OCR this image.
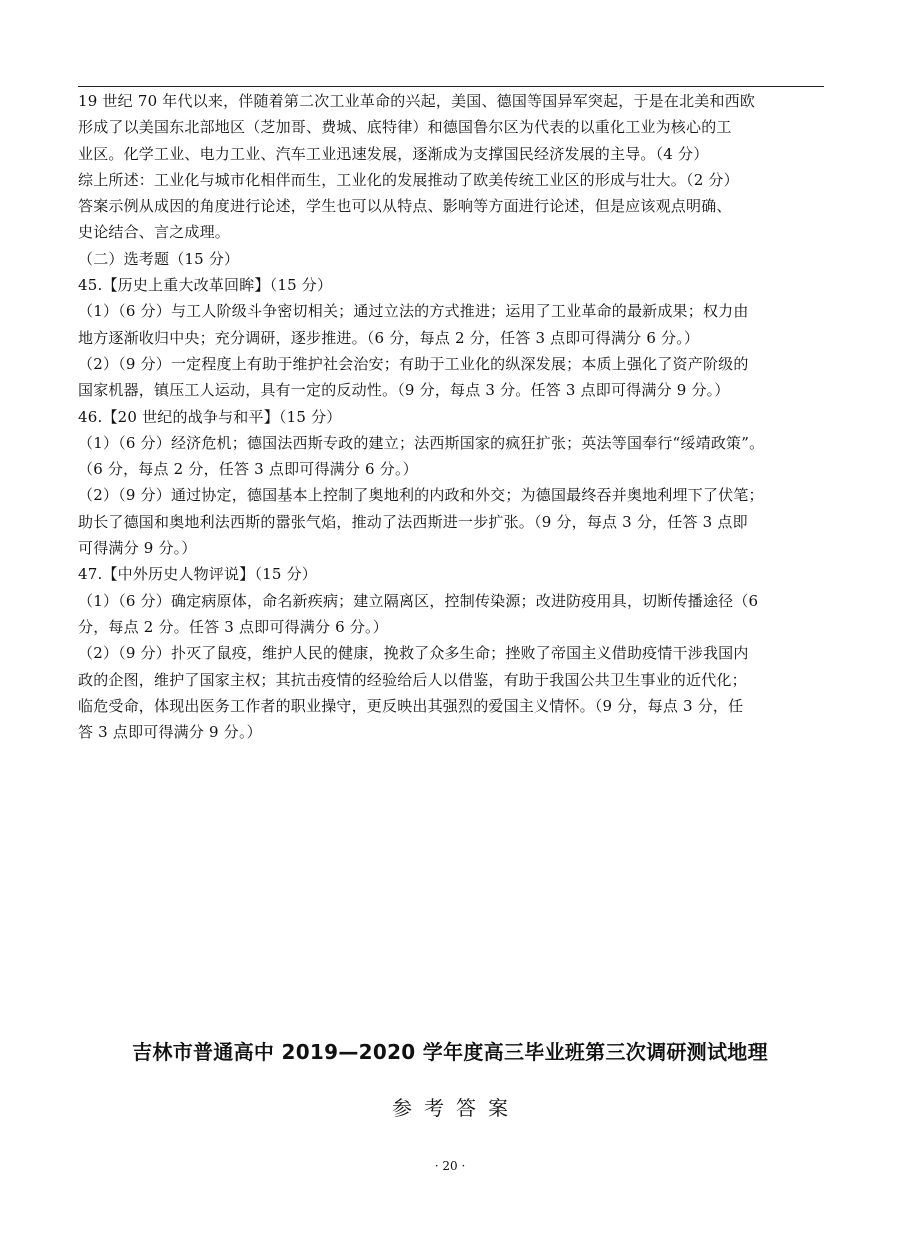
19 世纪 70 年代以来，伴随着第二次工业革命的兴起，美国、德国等国异军突起，于是在北美和西欧
形成了以美国东北部地区（芝加哥、费城、底特律）和德国鲁尔区为代表的以重化工业为核心的工
业区。化学工业、电力工业、汽车工业迅速发展，逐渐成为支撑国民经济发展的主导。（4 分）
综上所述：工业化与城市化相伴而生，工业化的发展推动了欧美传统工业区的形成与壮大。（2 分）
答案示例从成因的角度进行论述，学生也可以从特点、影响等方面进行论述，但是应该观点明确、
史论结合、言之成理。
（二）选考题（15 分）
45.【历史上重大改革回眸】（15 分）
（1）（6 分）与工人阶级斗争密切相关；通过立法的方式推进；运用了工业革命的最新成果；权力由
地方逐渐收归中央；充分调研，逐步推进。（6 分，每点 2 分，任答 3 点即可得满分 6 分。）
（2）（9 分）一定程度上有助于维护社会治安；有助于工业化的纵深发展；本质上强化了资产阶级的
国家机器，镇压工人运动，具有一定的反动性。（9 分，每点 3 分。任答 3 点即可得满分 9 分。）
46.【20 世纪的战争与和平】（15 分）
（1）（6 分）经济危机；德国法西斯专政的建立；法西斯国家的疯狂扩张；英法等国奉行“绥靖政策”。
（6 分，每点 2 分，任答 3 点即可得满分 6 分。）
（2）（9 分）通过协定，德国基本上控制了奥地利的内政和外交；为德国最终吞并奥地利埋下了伏笔；
助长了德国和奥地利法西斯的嚣张气焰，推动了法西斯进一步扩张。（9 分，每点 3 分，任答 3 点即
可得满分 9 分。）
47.【中外历史人物评说】（15 分）
（1）（6 分）确定病原体，命名新疾病；建立隔离区，控制传染源；改进防疫用具，切断传播途径（6
分，每点 2 分。任答 3 点即可得满分 6 分。）
（2）（9 分）扑灭了鼠疫，维护人民的健康，挽救了众多生命；挫败了帝国主义借助疫情干涉我国内
政的企图，维护了国家主权；其抗击疫情的经验给后人以借鉴，有助于我国公共卫生事业的近代化；
临危受命，体现出医务工作者的职业操守，更反映出其强烈的爱国主义情怀。（9 分，每点 3 分，任
答 3 点即可得满分 9 分。）
吉林市普通高中 2019—2020 学年度高三毕业班第三次调研测试地理
参考答案
· 20 ·
